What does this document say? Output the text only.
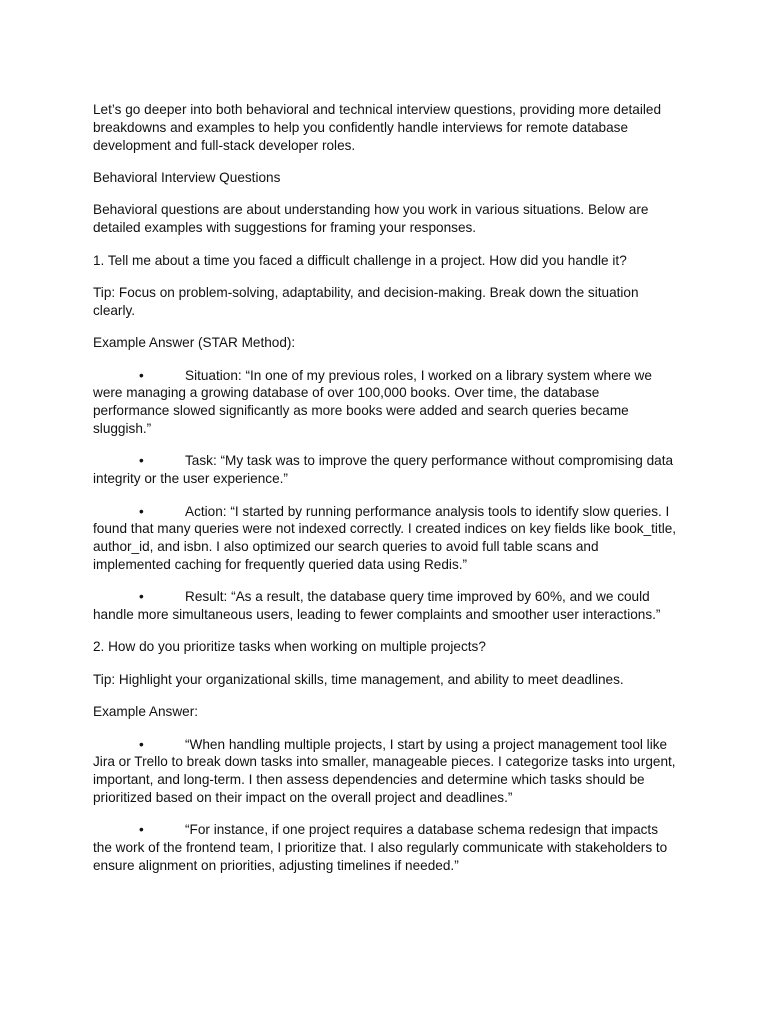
Let’s go deeper into both behavioral and technical interview questions, providing more detailed breakdowns and examples to help you confidently handle interviews for remote database development and full-stack developer roles.

Behavioral Interview Questions

Behavioral questions are about understanding how you work in various situations. Below are detailed examples with suggestions for framing your responses.

1. Tell me about a time you faced a difficult challenge in a project. How did you handle it?

Tip: Focus on problem-solving, adaptability, and decision-making. Break down the situation clearly.

Example Answer (STAR Method):

•	Situation: “In one of my previous roles, I worked on a library system where we were managing a growing database of over 100,000 books. Over time, the database performance slowed significantly as more books were added and search queries became sluggish.”
•	Task: “My task was to improve the query performance without compromising data integrity or the user experience.”
•	Action: “I started by running performance analysis tools to identify slow queries. I found that many queries were not indexed correctly. I created indices on key fields like book_title, author_id, and isbn. I also optimized our search queries to avoid full table scans and implemented caching for frequently queried data using Redis.”
•	Result: “As a result, the database query time improved by 60%, and we could handle more simultaneous users, leading to fewer complaints and smoother user interactions.”

2. How do you prioritize tasks when working on multiple projects?

Tip: Highlight your organizational skills, time management, and ability to meet deadlines.

Example Answer:

•	“When handling multiple projects, I start by using a project management tool like Jira or Trello to break down tasks into smaller, manageable pieces. I categorize tasks into urgent, important, and long-term. I then assess dependencies and determine which tasks should be prioritized based on their impact on the overall project and deadlines.”
•	“For instance, if one project requires a database schema redesign that impacts the work of the frontend team, I prioritize that. I also regularly communicate with stakeholders to ensure alignment on priorities, adjusting timelines if needed.”
